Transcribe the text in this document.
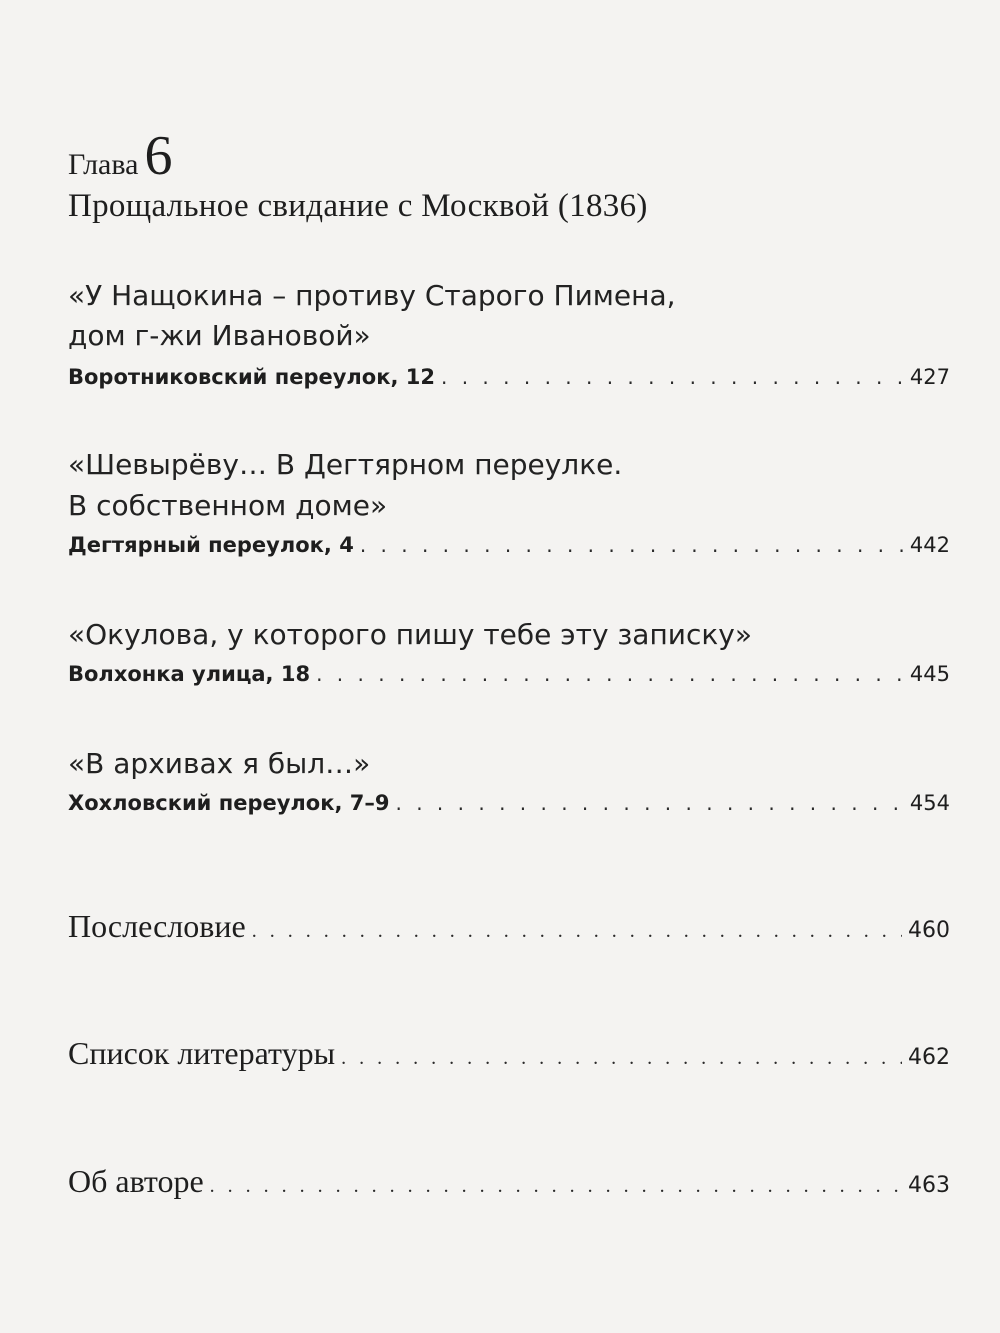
Глава 6
Прощальное свидание с Москвой (1836)
«У Нащокина – противу Старого Пимена,
дом г-жи Ивановой»
Воротниковский переулок, 12 . . .	427
«Шевырёву… В Дегтярном переулке.
В собственном доме»
Дегтярный переулок, 4 . . .	442
«Окулова, у которого пишу тебе эту записку»
Волхонка улица, 18 . . .	445
«В архивах я был…»
Хохловский переулок, 7–9 . . .	454
Послесловие . . .	460
Список литературы . . .	462
Об авторе . . .	463
